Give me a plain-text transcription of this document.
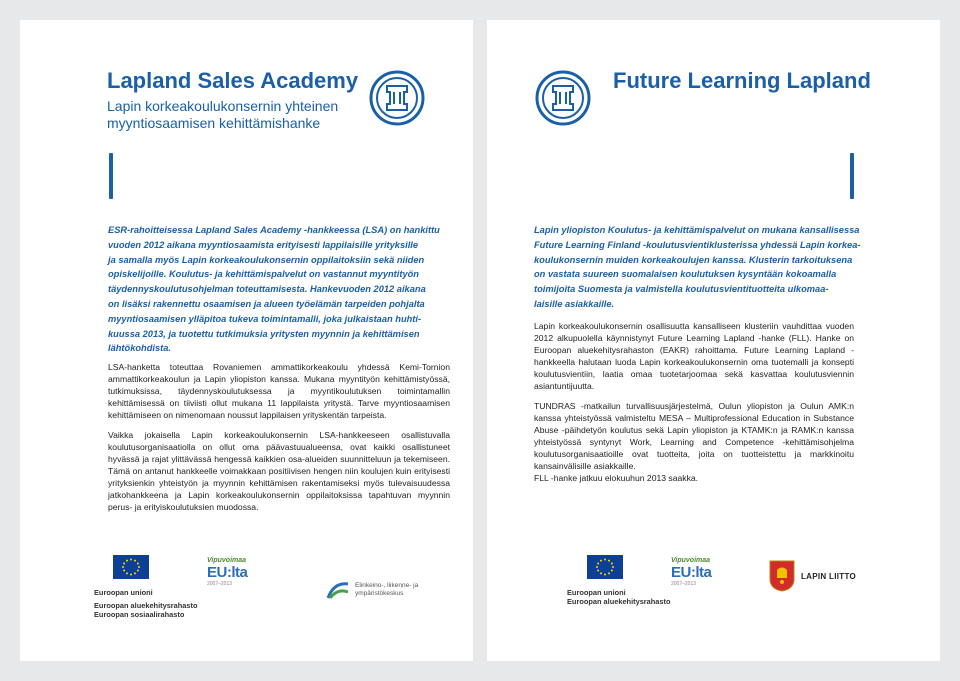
Lapland Sales Academy
Lapin korkeakoulukonsernin yhteinen
myyntiosaamisen kehittämishanke
ESR-rahoitteisessa Lapland Sales Academy -hankkeessa (LSA) on hankittu
vuoden 2012 aikana myyntiosaamista erityisesti lappilaisille yrityksille
ja samalla myös Lapin korkeakoulukonsernin oppilaitoksiin sekä niiden
opiskelijoille. Koulutus- ja kehittämispalvelut on vastannut myyntityön
täydennyskoulutusohjelman toteuttamisesta. Hankevuoden 2012 aikana
on lisäksi rakennettu osaamisen ja alueen työelämän tarpeiden pohjalta
myyntiosaamisen ylläpitoa tukeva toimintamalli, joka julkaistaan huhti-
kuussa 2013, ja tuotettu tutkimuksia yritysten myynnin ja kehittämisen
lähtökohdista.

LSA-hanketta toteuttaa Rovaniemen ammattikorkeakoulu yhdessä Kemi-Tornion ammattikorkeakoulun ja Lapin yliopiston kanssa. Mukana myyntityön kehittämistyössä, tutkimuksissa, täydennyskoulutuksessa ja myyntikoulutuksen toimintamallin kehittämisessä on tiiviisti ollut mukana 11 lappilaista yritystä. Tarve myyntiosaamisen kehittämiseen on nimenomaan noussut lappilaisen yrityskentän tarpeista.

Vaikka jokaisella Lapin korkeakoulukonsernin LSA-hankkeeseen osallistuvalla koulutusorganisaatiolla on ollut oma päävastuualueensa, ovat kaikki osallistuneet hyvässä ja rajat ylittävässä hengessä kaikkien osa-alueiden suunnitteluun ja tekemiseen. Tämä on antanut hankkeelle voimakkaan positiivisen hengen niin koulujen kuin erityisesti yrityksienkin yhteistyön ja myynnin kehittämisen rakentamiseksi myös tulevaisuudessa jatkohankkeena ja Lapin korkeakoulukonsernin oppilaitoksissa tapahtuvan myynnin perus- ja erityiskoulutuksien muodossa.

Euroopan unioni
Euroopan aluekehitysrahasto
Euroopan sosiaalirahasto
Vipuvoimaa
EU:lta
2007–2013	Elinkeino-, liikenne- ja
ympäristökeskus
Future Learning Lapland
Lapin yliopiston Koulutus- ja kehittämispalvelut on mukana kansallisessa
Future Learning Finland -koulutusvientiklusterissa yhdessä Lapin korkea-
koulukonsernin muiden korkeakoulujen kanssa. Klusterin tarkoituksena
on vastata suureen suomalaisen koulutuksen kysyntään kokoamalla
toimijoita Suomesta ja valmistella koulutusvientituotteita ulkomaa-
laisille asiakkaille.

Lapin korkeakoulukonsernin osallisuutta kansalliseen klusteriin vauhdittaa vuoden 2012 alkupuolella käynnistynyt Future Learning Lapland -hanke (FLL). Hanke on Euroopan aluekehitysrahaston (EAKR) rahoittama. Future Learning Lapland -hankkeella halutaan luoda Lapin korkeakoulukonsernin oma tuotemalli ja konsepti koulutusvientiin, laatia omaa tuotetarjoomaa sekä kasvattaa koulutusviennin asiantuntijuutta.

TUNDRAS -matkailun turvallisuusjärjestelmä, Oulun yliopiston ja Oulun AMK:n kanssa yhteistyössä valmisteltu MESA – Multiprofessional Education in Substance Abuse -päihdetyön koulutus sekä Lapin yliopiston ja KTAMK:n ja RAMK:n kanssa yhteistyössä syntynyt Work, Learning and Competence -kehittämisohjelma koulutusorganisaatioille ovat tuotteita, joita on tuotteistettu ja markkinoitu kansainvälisille asiakkaille.

FLL -hanke jatkuu elokuuhun 2013 saakka.

Euroopan unioni
Euroopan aluekehitysrahasto
Vipuvoimaa
EU:lta
2007–2013
LAPIN LIITTO
